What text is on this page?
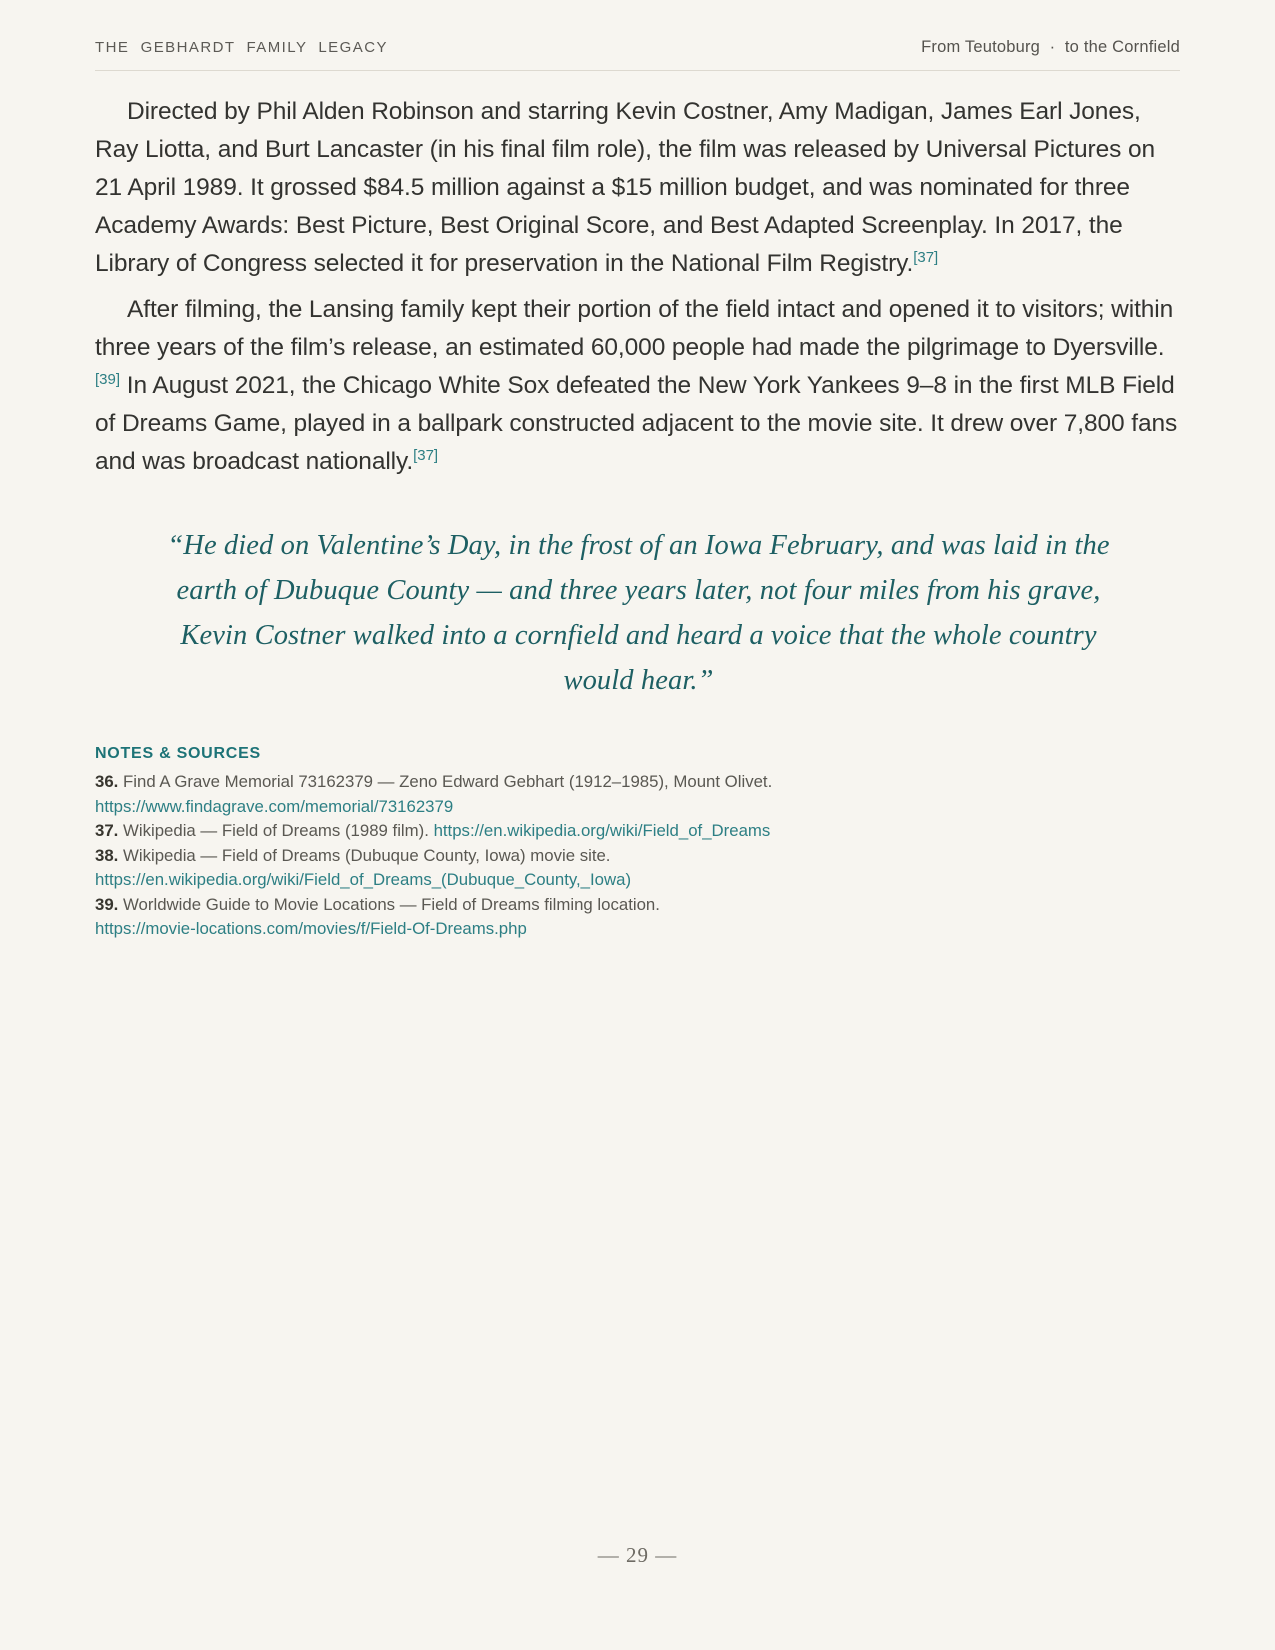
THE  GEBHARDT  FAMILY  LEGACY	From Teutoburg  ·  to the Cornfield

Directed by Phil Alden Robinson and starring Kevin Costner, Amy Madigan, James Earl Jones, Ray Liotta, and Burt Lancaster (in his final film role), the film was released by Universal Pictures on 21 April 1989. It grossed $84.5 million against a $15 million budget, and was nominated for three Academy Awards: Best Picture, Best Original Score, and Best Adapted Screenplay. In 2017, the Library of Congress selected it for preservation in the National Film Registry.[37]

After filming, the Lansing family kept their portion of the field intact and opened it to visitors; within three years of the film’s release, an estimated 60,000 people had made the pilgrimage to Dyersville.[39] In August 2021, the Chicago White Sox defeated the New York Yankees 9–8 in the first MLB Field of Dreams Game, played in a ballpark constructed adjacent to the movie site. It drew over 7,800 fans and was broadcast nationally.[37]

“He died on Valentine’s Day, in the frost of an Iowa February, and was laid in the earth of Dubuque County — and three years later, not four miles from his grave, Kevin Costner walked into a cornfield and heard a voice that the whole country would hear.”
NOTES & SOURCES
36. Find A Grave Memorial 73162379 — Zeno Edward Gebhart (1912–1985), Mount Olivet.
https://www.findagrave.com/memorial/73162379
37. Wikipedia — Field of Dreams (1989 film). https://en.wikipedia.org/wiki/Field_of_Dreams
38. Wikipedia — Field of Dreams (Dubuque County, Iowa) movie site.
https://en.wikipedia.org/wiki/Field_of_Dreams_(Dubuque_County,_Iowa)
39. Worldwide Guide to Movie Locations — Field of Dreams filming location.
https://movie-locations.com/movies/f/Field-Of-Dreams.php
— 29 —
